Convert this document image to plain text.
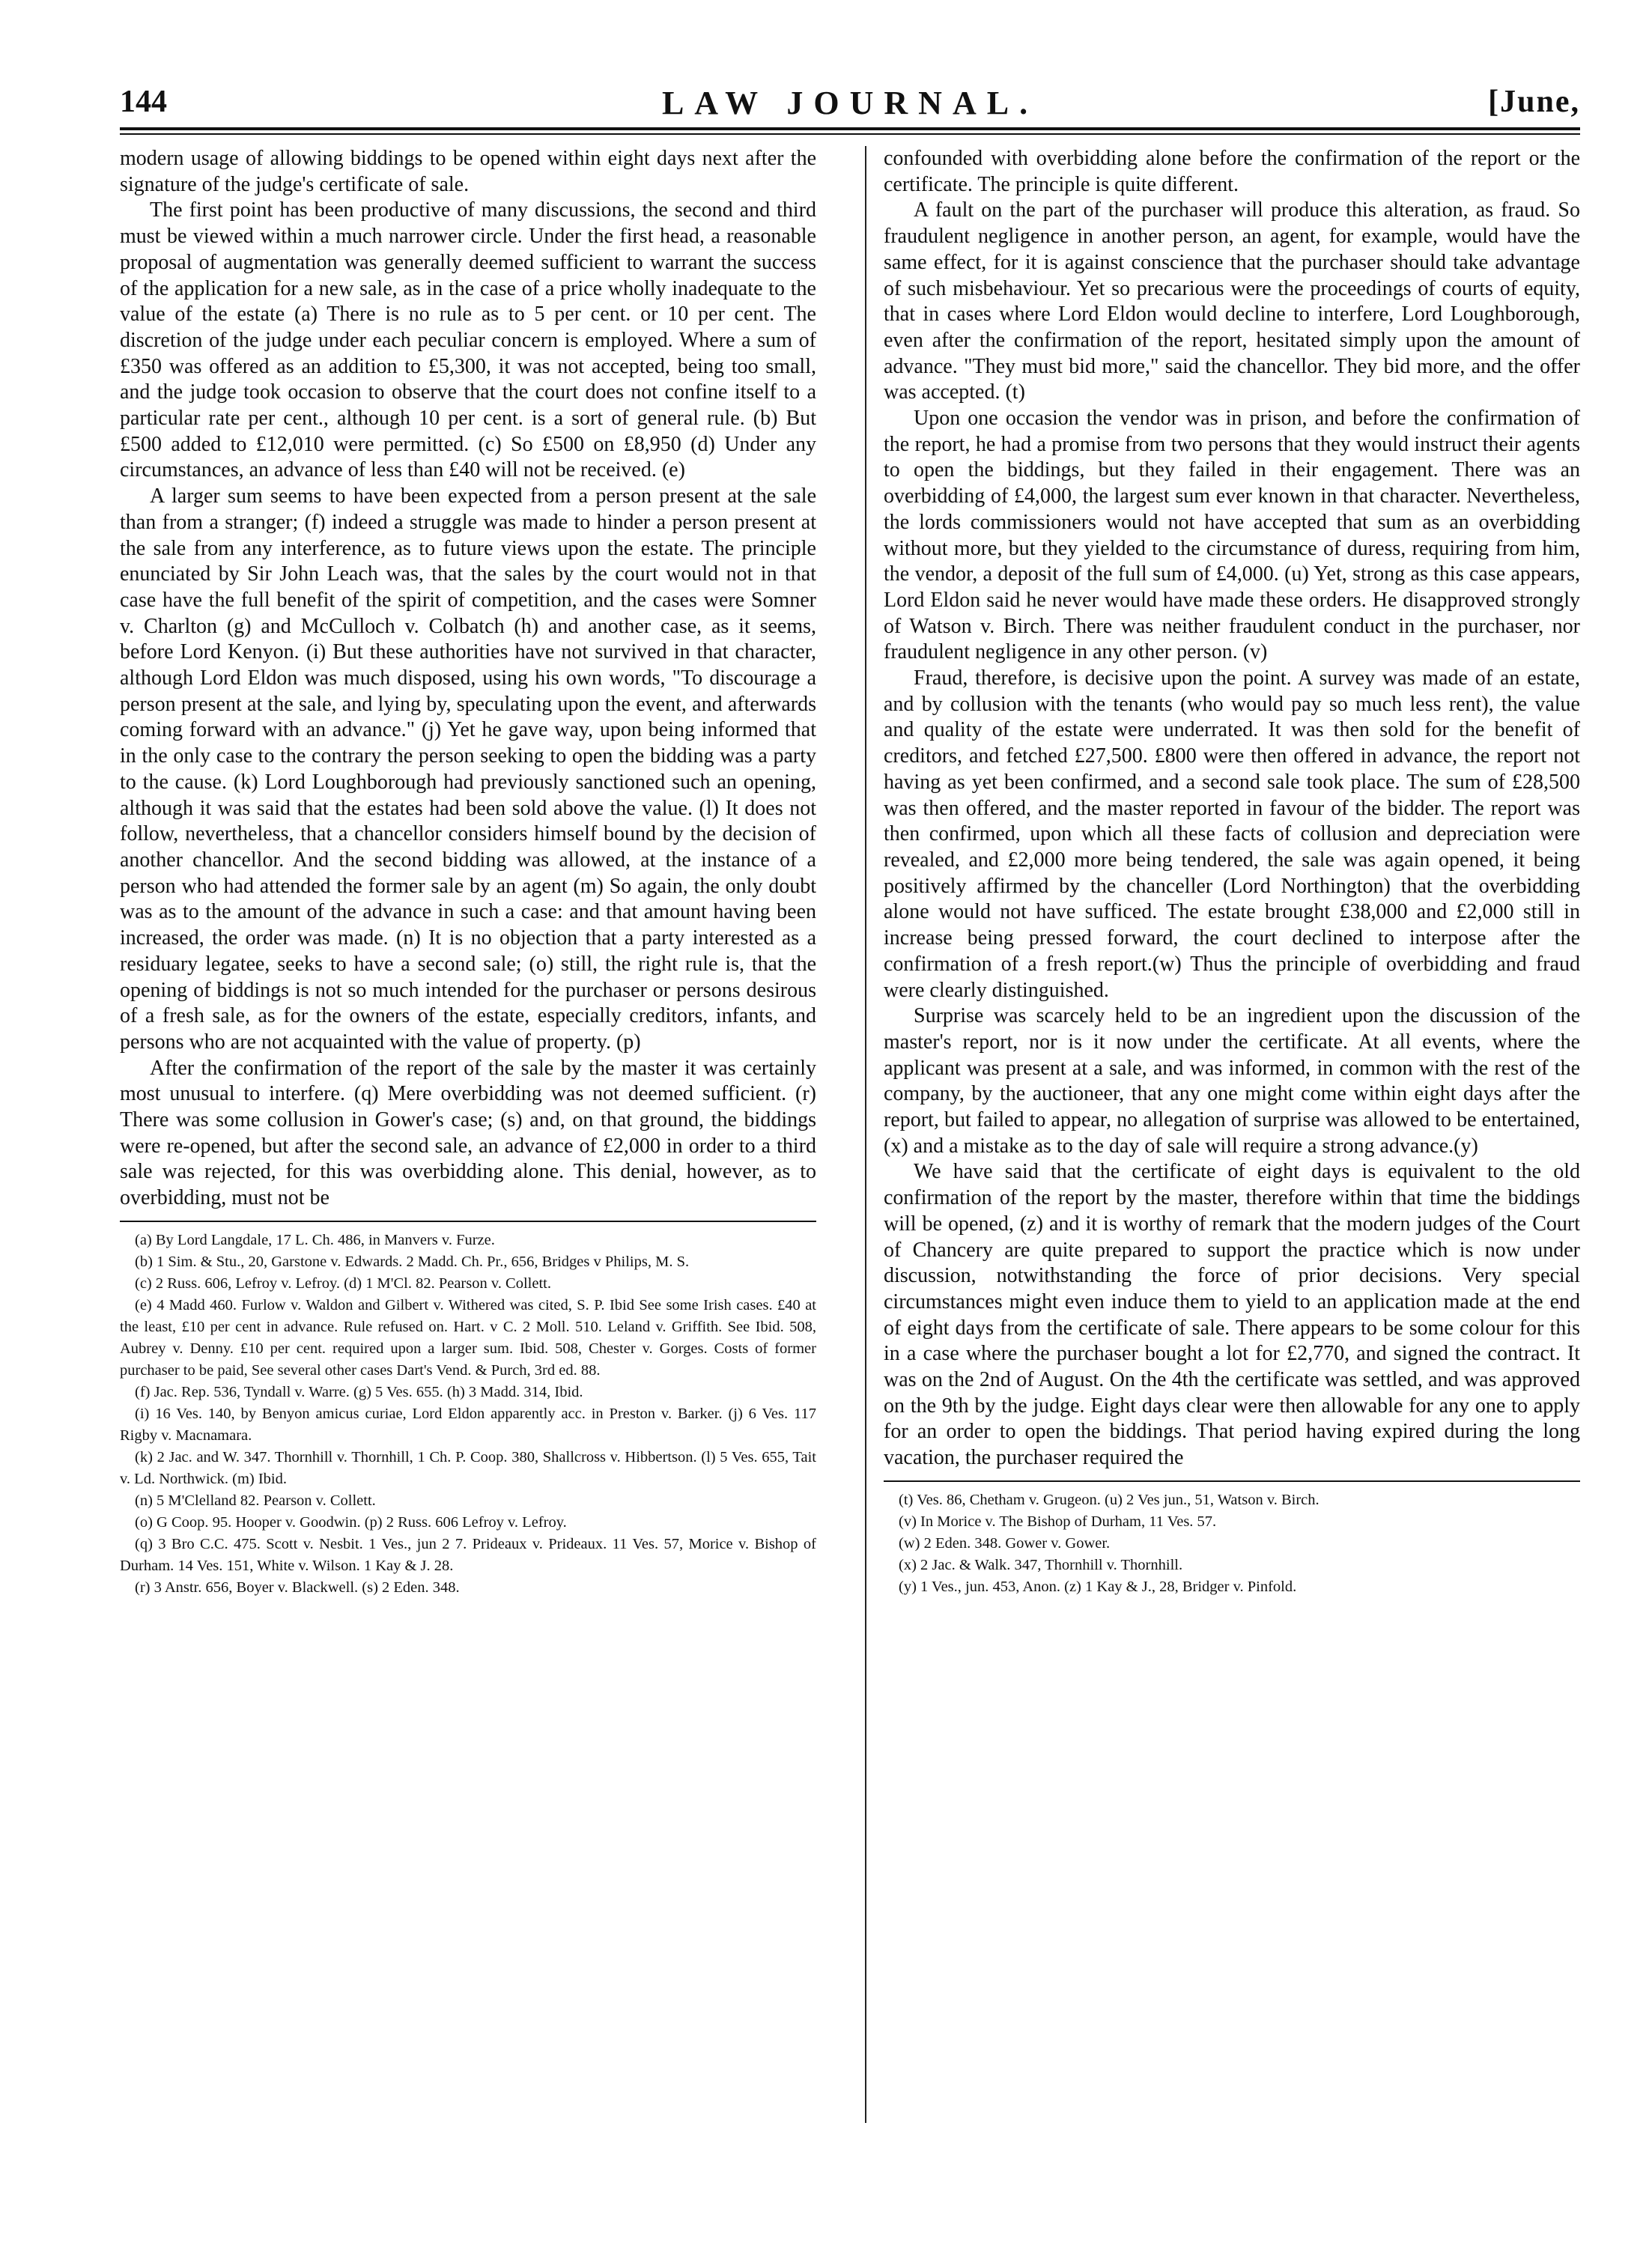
144	LAW JOURNAL.	[June,

modern usage of allowing biddings to be opened within eight days next after the signature of the judge's certificate of sale.

The first point has been productive of many discussions, the second and third must be viewed within a much narrower circle. Under the first head, a reasonable proposal of augmentation was generally deemed sufficient to warrant the success of the application for a new sale, as in the case of a price wholly inadequate to the value of the estate (a) There is no rule as to 5 per cent. or 10 per cent. The discretion of the judge under each peculiar concern is employed. Where a sum of £350 was offered as an addition to £5,300, it was not accepted, being too small, and the judge took occasion to observe that the court does not confine itself to a particular rate per cent., although 10 per cent. is a sort of general rule. (b) But £500 added to £12,010 were permitted. (c) So £500 on £8,950 (d) Under any circumstances, an advance of less than £40 will not be received. (e)

A larger sum seems to have been expected from a person present at the sale than from a stranger; (f) indeed a struggle was made to hinder a person present at the sale from any interference, as to future views upon the estate. The principle enunciated by Sir John Leach was, that the sales by the court would not in that case have the full benefit of the spirit of competition, and the cases were Somner v. Charlton (g) and McCulloch v. Colbatch (h) and another case, as it seems, before Lord Kenyon. (i) But these authorities have not survived in that character, although Lord Eldon was much disposed, using his own words, "To discourage a person present at the sale, and lying by, speculating upon the event, and afterwards coming forward with an advance." (j) Yet he gave way, upon being informed that in the only case to the contrary the person seeking to open the bidding was a party to the cause. (k) Lord Loughborough had previously sanctioned such an opening, although it was said that the estates had been sold above the value. (l) It does not follow, nevertheless, that a chancellor considers himself bound by the decision of another chancellor. And the second bidding was allowed, at the instance of a person who had attended the former sale by an agent (m) So again, the only doubt was as to the amount of the advance in such a case: and that amount having been increased, the order was made. (n) It is no objection that a party interested as a residuary legatee, seeks to have a second sale; (o) still, the right rule is, that the opening of biddings is not so much intended for the purchaser or persons desirous of a fresh sale, as for the owners of the estate, especially creditors, infants, and persons who are not acquainted with the value of property. (p)

After the confirmation of the report of the sale by the master it was certainly most unusual to interfere. (q) Mere overbidding was not deemed sufficient. (r) There was some collusion in Gower's case; (s) and, on that ground, the biddings were re-opened, but after the second sale, an advance of £2,000 in order to a third sale was rejected, for this was overbidding alone. This denial, however, as to overbidding, must not be

(a) By Lord Langdale, 17 L. Ch. 486, in Manvers v. Furze.

(b) 1 Sim. & Stu., 20, Garstone v. Edwards. 2 Madd. Ch. Pr., 656, Bridges v Philips, M. S.

(c) 2 Russ. 606, Lefroy v. Lefroy. (d) 1 M'Cl. 82. Pearson v. Collett.

(e) 4 Madd 460. Furlow v. Waldon and Gilbert v. Withered was cited, S. P. Ibid See some Irish cases. £40 at the least, £10 per cent in advance. Rule refused on. Hart. v C. 2 Moll. 510. Leland v. Griffith. See Ibid. 508, Aubrey v. Denny. £10 per cent. required upon a larger sum. Ibid. 508, Chester v. Gorges. Costs of former purchaser to be paid, See several other cases Dart's Vend. & Purch, 3rd ed. 88.

(f) Jac. Rep. 536, Tyndall v. Warre. (g) 5 Ves. 655. (h) 3 Madd. 314, Ibid.

(i) 16 Ves. 140, by Benyon amicus curiae, Lord Eldon apparently acc. in Preston v. Barker. (j) 6 Ves. 117 Rigby v. Macnamara.

(k) 2 Jac. and W. 347. Thornhill v. Thornhill, 1 Ch. P. Coop. 380, Shallcross v. Hibbertson. (l) 5 Ves. 655, Tait v. Ld. Northwick. (m) Ibid.

(n) 5 M'Clelland 82. Pearson v. Collett.

(o) G Coop. 95. Hooper v. Goodwin. (p) 2 Russ. 606 Lefroy v. Lefroy.

(q) 3 Bro C.C. 475. Scott v. Nesbit. 1 Ves., jun 2 7. Prideaux v. Prideaux. 11 Ves. 57, Morice v. Bishop of Durham. 14 Ves. 151, White v. Wilson. 1 Kay & J. 28.

(r) 3 Anstr. 656, Boyer v. Blackwell. (s) 2 Eden. 348.

confounded with overbidding alone before the confirmation of the report or the certificate. The principle is quite different.

A fault on the part of the purchaser will produce this alteration, as fraud. So fraudulent negligence in another person, an agent, for example, would have the same effect, for it is against conscience that the purchaser should take advantage of such misbehaviour. Yet so precarious were the proceedings of courts of equity, that in cases where Lord Eldon would decline to interfere, Lord Loughborough, even after the confirmation of the report, hesitated simply upon the amount of advance. "They must bid more," said the chancellor. They bid more, and the offer was accepted. (t)

Upon one occasion the vendor was in prison, and before the confirmation of the report, he had a promise from two persons that they would instruct their agents to open the biddings, but they failed in their engagement. There was an overbidding of £4,000, the largest sum ever known in that character. Nevertheless, the lords commissioners would not have accepted that sum as an overbidding without more, but they yielded to the circumstance of duress, requiring from him, the vendor, a deposit of the full sum of £4,000. (u) Yet, strong as this case appears, Lord Eldon said he never would have made these orders. He disapproved strongly of Watson v. Birch. There was neither fraudulent conduct in the purchaser, nor fraudulent negligence in any other person. (v)

Fraud, therefore, is decisive upon the point. A survey was made of an estate, and by collusion with the tenants (who would pay so much less rent), the value and quality of the estate were underrated. It was then sold for the benefit of creditors, and fetched £27,500. £800 were then offered in advance, the report not having as yet been confirmed, and a second sale took place. The sum of £28,500 was then offered, and the master reported in favour of the bidder. The report was then confirmed, upon which all these facts of collusion and depreciation were revealed, and £2,000 more being tendered, the sale was again opened, it being positively affirmed by the chanceller (Lord Northington) that the overbidding alone would not have sufficed. The estate brought £38,000 and £2,000 still in increase being pressed forward, the court declined to interpose after the confirmation of a fresh report.(w) Thus the principle of overbidding and fraud were clearly distinguished.

Surprise was scarcely held to be an ingredient upon the discussion of the master's report, nor is it now under the certificate. At all events, where the applicant was present at a sale, and was informed, in common with the rest of the company, by the auctioneer, that any one might come within eight days after the report, but failed to appear, no allegation of surprise was allowed to be entertained, (x) and a mistake as to the day of sale will require a strong advance.(y)

We have said that the certificate of eight days is equivalent to the old confirmation of the report by the master, therefore within that time the biddings will be opened, (z) and it is worthy of remark that the modern judges of the Court of Chancery are quite prepared to support the practice which is now under discussion, notwithstanding the force of prior decisions. Very special circumstances might even induce them to yield to an application made at the end of eight days from the certificate of sale. There appears to be some colour for this in a case where the purchaser bought a lot for £2,770, and signed the contract. It was on the 2nd of August. On the 4th the certificate was settled, and was approved on the 9th by the judge. Eight days clear were then allowable for any one to apply for an order to open the biddings. That period having expired during the long vacation, the purchaser required the

(t) Ves. 86, Chetham v. Grugeon. (u) 2 Ves jun., 51, Watson v. Birch.

(v) In Morice v. The Bishop of Durham, 11 Ves. 57.

(w) 2 Eden. 348. Gower v. Gower.

(x) 2 Jac. & Walk. 347, Thornhill v. Thornhill.

(y) 1 Ves., jun. 453, Anon. (z) 1 Kay & J., 28, Bridger v. Pinfold.
